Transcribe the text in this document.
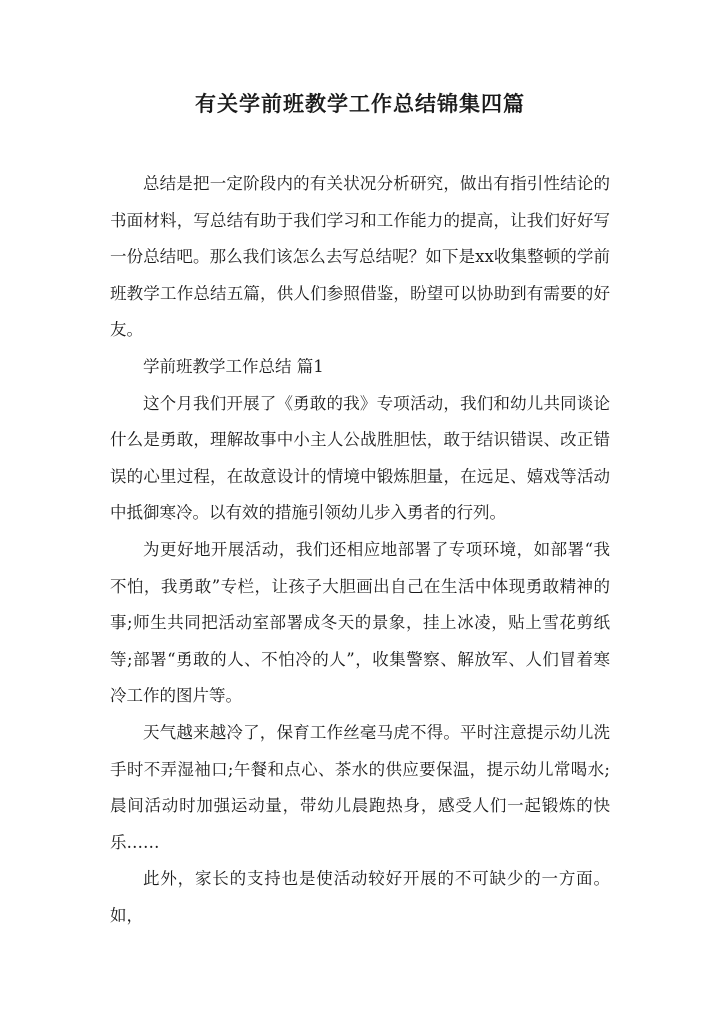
有关学前班教学工作总结锦集四篇

总结是把一定阶段内的有关状况分析研究，做出有指引性结论的书面材料，写总结有助于我们学习和工作能力的提高，让我们好好写一份总结吧。那么我们该怎么去写总结呢？如下是xx收集整顿的学前班教学工作总结五篇，供人们参照借鉴，盼望可以协助到有需要的好友。

学前班教学工作总结 篇1

这个月我们开展了《勇敢的我》专项活动，我们和幼儿共同谈论什么是勇敢，理解故事中小主人公战胜胆怯，敢于结识错误、改正错误的心里过程，在故意设计的情境中锻炼胆量，在远足、嬉戏等活动中抵御寒冷。以有效的措施引领幼儿步入勇者的行列。

为更好地开展活动，我们还相应地部署了专项环境，如部署“我不怕，我勇敢”专栏，让孩子大胆画出自己在生活中体现勇敢精神的事;师生共同把活动室部署成冬天的景象，挂上冰凌，贴上雪花剪纸等;部署“勇敢的人、不怕冷的人”，收集警察、解放军、人们冒着寒冷工作的图片等。

天气越来越冷了，保育工作丝毫马虎不得。平时注意提示幼儿洗手时不弄湿袖口;午餐和点心、茶水的供应要保温，提示幼儿常喝水;晨间活动时加强运动量，带幼儿晨跑热身，感受人们一起锻炼的快乐……

此外，家长的支持也是使活动较好开展的不可缺少的一方面。如，
